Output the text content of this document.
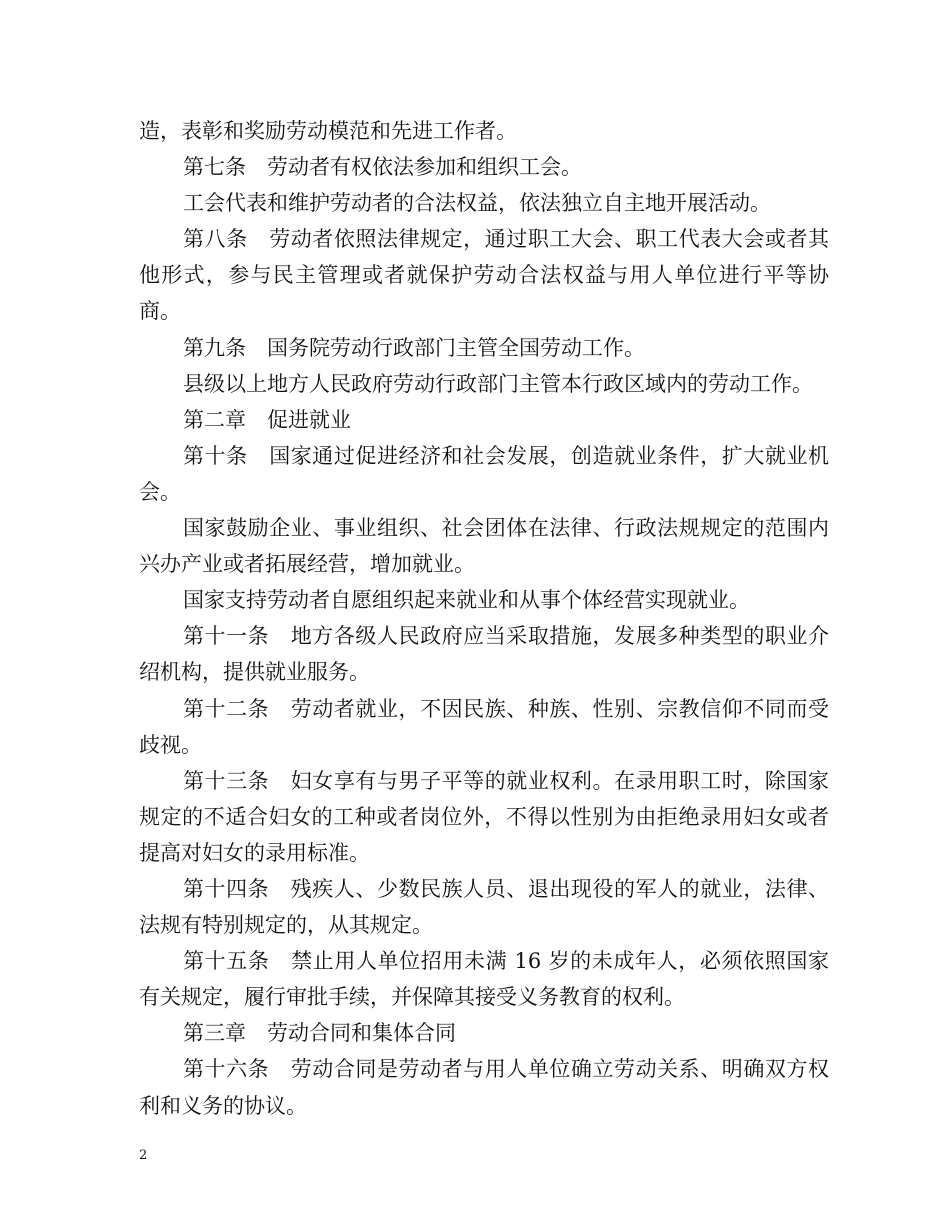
造，表彰和奖励劳动模范和先进工作者。

第七条　劳动者有权依法参加和组织工会。

工会代表和维护劳动者的合法权益，依法独立自主地开展活动。

第八条　劳动者依照法律规定，通过职工大会、职工代表大会或者其他形式，参与民主管理或者就保护劳动合法权益与用人单位进行平等协商。

第九条　国务院劳动行政部门主管全国劳动工作。

县级以上地方人民政府劳动行政部门主管本行政区域内的劳动工作。

第二章　促进就业

第十条　国家通过促进经济和社会发展，创造就业条件，扩大就业机会。

国家鼓励企业、事业组织、社会团体在法律、行政法规规定的范围内兴办产业或者拓展经营，增加就业。

国家支持劳动者自愿组织起来就业和从事个体经营实现就业。

第十一条　地方各级人民政府应当采取措施，发展多种类型的职业介绍机构，提供就业服务。

第十二条　劳动者就业，不因民族、种族、性别、宗教信仰不同而受歧视。

第十三条　妇女享有与男子平等的就业权利。在录用职工时，除国家规定的不适合妇女的工种或者岗位外，不得以性别为由拒绝录用妇女或者提高对妇女的录用标准。

第十四条　残疾人、少数民族人员、退出现役的军人的就业，法律、法规有特别规定的，从其规定。

第十五条　禁止用人单位招用未满 16 岁的未成年人，必须依照国家有关规定，履行审批手续，并保障其接受义务教育的权利。

第三章　劳动合同和集体合同

第十六条　劳动合同是劳动者与用人单位确立劳动关系、明确双方权利和义务的协议。

2
